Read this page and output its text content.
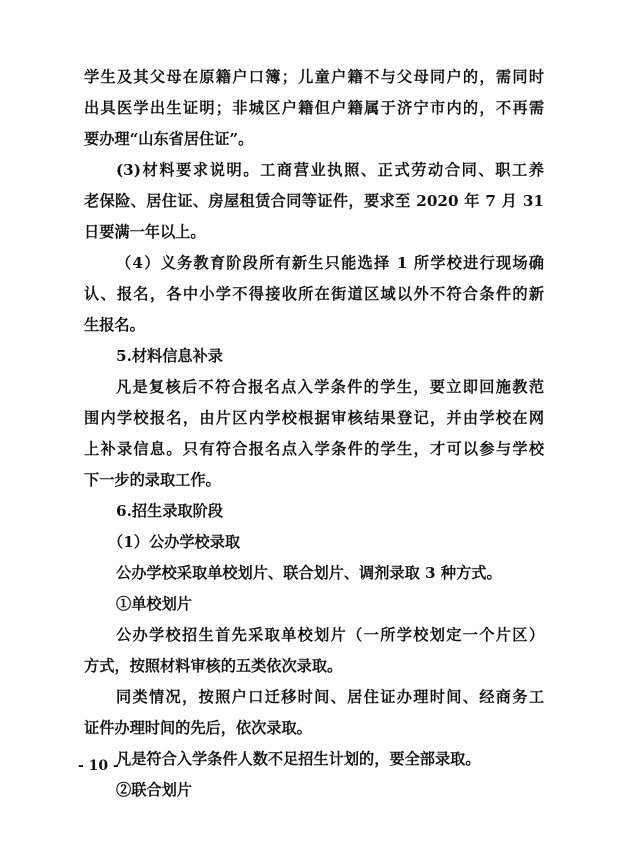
学生及其父母在原籍户口簿；儿童户籍不与父母同户的，需同时
出具医学出生证明；非城区户籍但户籍属于济宁市内的，不再需
要办理“山东省居住证”。
(3)材料要求说明。工商营业执照、正式劳动合同、职工养
老保险、居住证、房屋租赁合同等证件，要求至 2020 年 7 月 31
日要满一年以上。
（4）义务教育阶段所有新生只能选择 1 所学校进行现场确
认、报名，各中小学不得接收所在街道区域以外不符合条件的新
生报名。
5.材料信息补录
凡是复核后不符合报名点入学条件的学生，要立即回施教范
围内学校报名，由片区内学校根据审核结果登记，并由学校在网
上补录信息。只有符合报名点入学条件的学生，才可以参与学校
下一步的录取工作。
6.招生录取阶段
（1）公办学校录取
公办学校采取单校划片、联合划片、调剂录取 3 种方式。
①单校划片
公办学校招生首先采取单校划片（一所学校划定一个片区）
方式，按照材料审核的五类依次录取。
同类情况，按照户口迁移时间、居住证办理时间、经商务工
证件办理时间的先后，依次录取。
凡是符合入学条件人数不足招生计划的，要全部录取。
②联合划片
- 10 -
